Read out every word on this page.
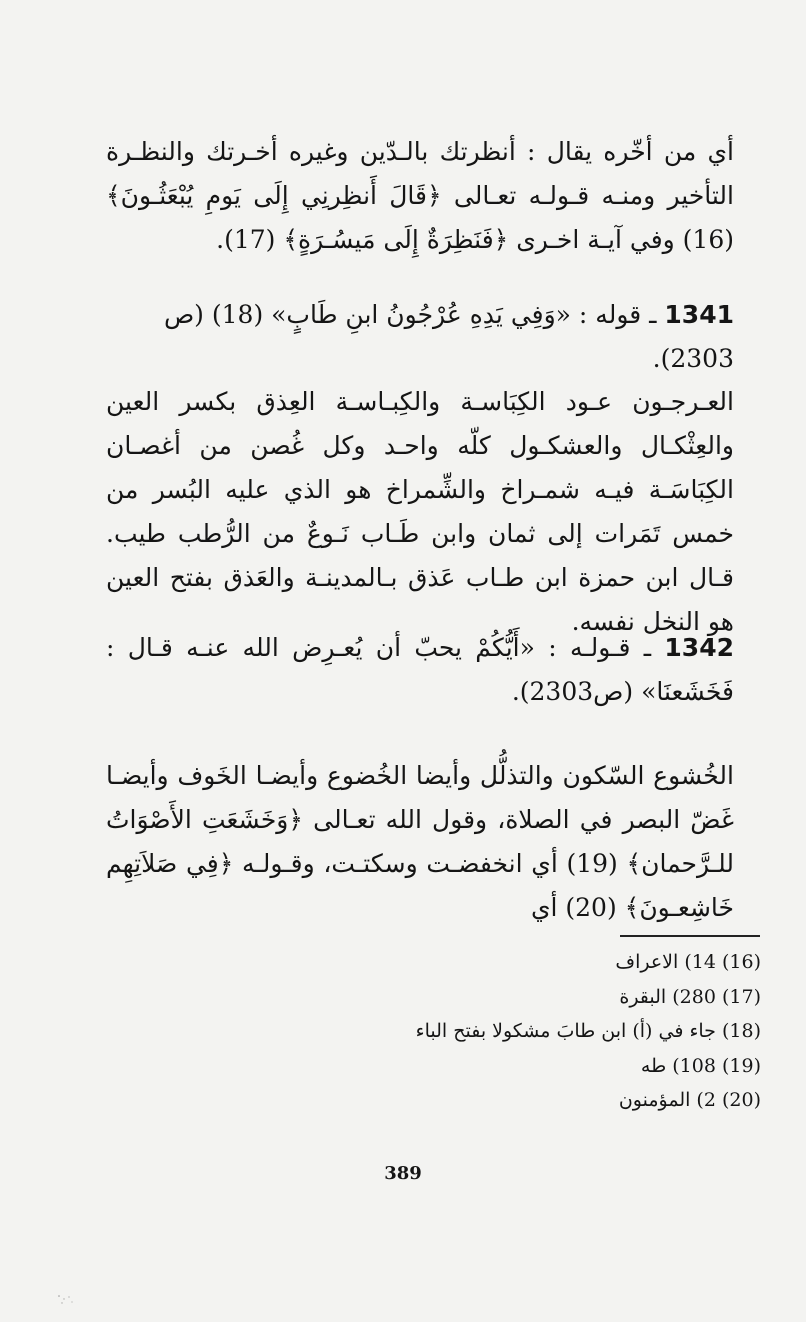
أي من أخّره يقال : أنظرتك بالـدّين وغيره أخـرتك والنظـرة التأخير ومنـه قـولـه تعـالى ﴿قَالَ أَنظِرنِي إِلَى يَومِ يُبْعَثُـونَ﴾ (16) وفي آيـة اخـرى ﴿فَنَظِرَةٌ إِلَى مَيسُـرَةٍ﴾ (17).

1341 ـ قوله : «وَفِي يَدِهِ عُرْجُونُ ابنِ طَابٍ» (18) (ص 2303).

العـرجـون عـود الكِبَاسـة والكِبـاسـة العِذق بكسر العين والعِثْكـال والعشكـول كلّه واحـد وكل غُصن من أغصـان الكِبَاسَـة فيـه شمـراخ والشِّمراخ هو الذي عليه البُسر من خمس تَمَرات إلى ثمان وابن طَـاب نَـوعٌ من الرُّطب طيب. قـال ابن حمزة ابن طـاب عَذق بـالمدينـة والعَذق بفتح العين هو النخل نفسه.

1342 ـ قـولـه : «أَيُّكُمْ يحبّ أن يُعـرِض الله عنـه قـال : فَخَشَعنَا» (ص2303).

الخُشوع السّكون والتذلُّل وأيضا الخُضوع وأيضـا الخَوف وأيضـا غَضّ البصر في الصلاة، وقول الله تعـالى ﴿وَخَشَعَتِ الأَصْوَاتُ للـرَّحمان﴾ (19) أي انخفضـت وسكتـت، وقـولـه ﴿فِي صَلاَتِهِم خَاشِعـونَ﴾ (20) أي

(16) 14) الاعراف
(17) 280) البقرة
(18) جاء في (أ) ابن طابَ مشكولا بفتح الباء
(19) 108) طه
(20) 2) المؤمنون
389
